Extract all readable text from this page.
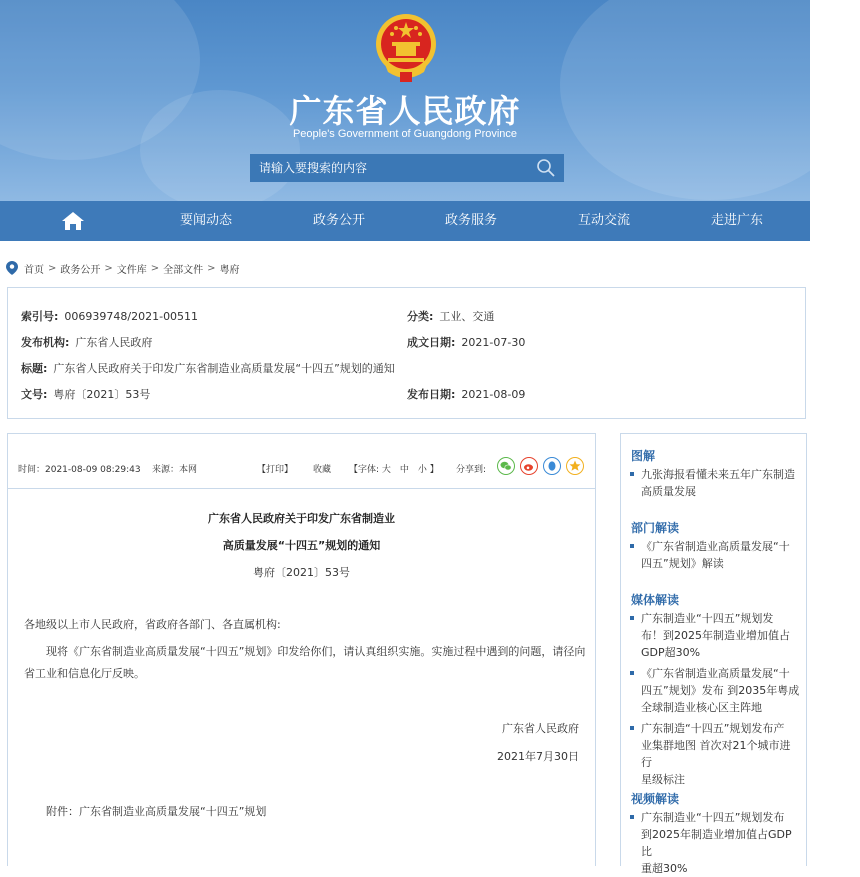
广东省人民政府
People's Government of Guangdong Province
请输入要搜索的内容
要闻动态	政务公开	政务服务	互动交流	走进广东
首页 > 政务公开 > 文件库 > 全部文件 > 粤府
索引号: 006939748/2021-00511	分类: 工业、交通
发布机构: 广东省人民政府	成文日期: 2021-07-30
标题: 广东省人民政府关于印发广东省制造业高质量发展“十四五”规划的通知
文号: 粤府〔2021〕53号	发布日期: 2021-08-09
时间：2021-08-09 08:29:43 来源：本网	【打印】 收藏 【字体: 大　中　小 】 分享到:
广东省人民政府关于印发广东省制造业
高质量发展“十四五”规划的通知
粤府〔2021〕53号
各地级以上市人民政府，省政府各部门、各直属机构:
现将《广东省制造业高质量发展“十四五”规划》印发给你们，请认真组织实施。实施过程中遇到的问题，请径向
省工业和信息化厅反映。
广东省人民政府
2021年7月30日
附件：广东省制造业高质量发展“十四五”规划
图解
九张海报看懂未来五年广东制造
高质量发展
部门解读
《广东省制造业高质量发展“十
四五”规划》解读
媒体解读
广东制造业“十四五”规划发
布！到2025年制造业增加值占
GDP超30%
《广东省制造业高质量发展“十
四五”规划》发布 到2035年粤成
全球制造业核心区主阵地
广东制造“十四五”规划发布产
业集群地图 首次对21个城市进行
星级标注
视频解读
广东制造业“十四五”规划发布
到2025年制造业增加值占GDP比
重超30%
